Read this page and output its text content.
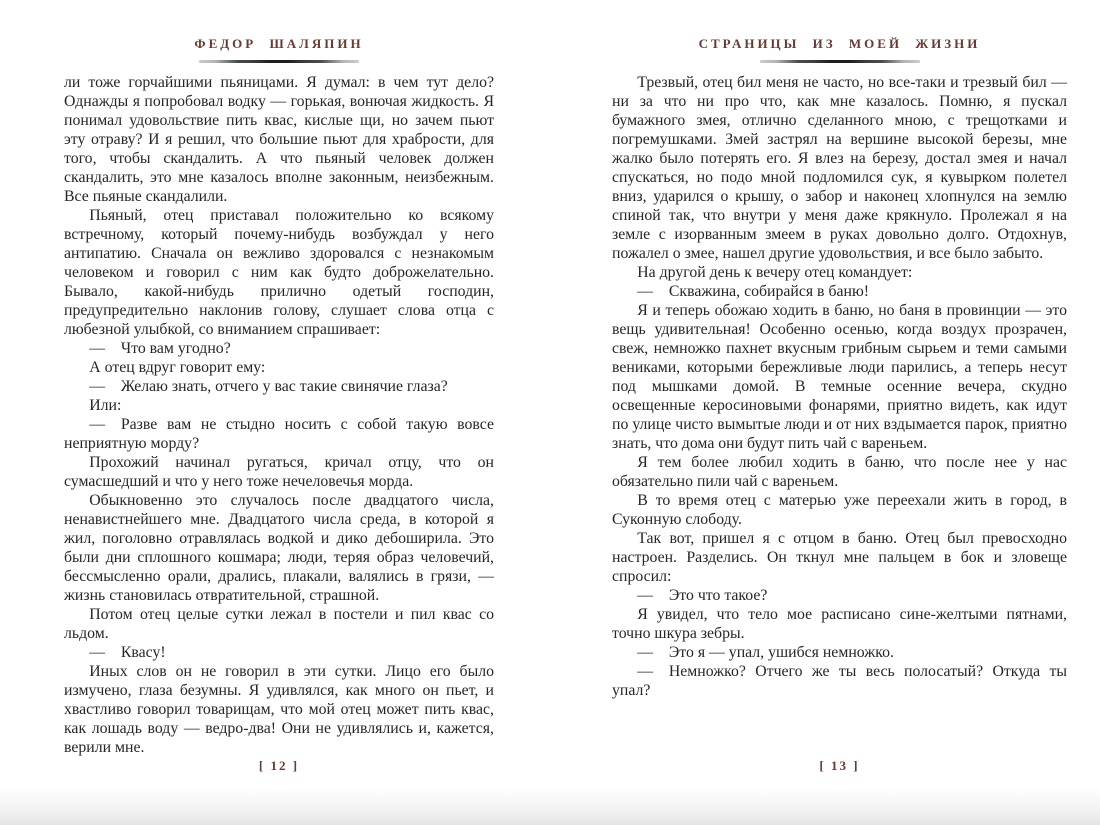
ФЕДОР ШАЛЯПИН

ли тоже горчайшими пьяницами. Я думал: в чем тут дело? Однажды я попробовал водку — горькая, вонючая жидкость. Я понимал удовольствие пить квас, кислые щи, но зачем пьют эту отраву? И я решил, что большие пьют для храбрости, для того, чтобы скандалить. А что пьяный человек должен скандалить, это мне казалось вполне законным, неизбежным. Все пьяные скандалили.

Пьяный, отец приставал положительно ко всякому встречному, который почему-нибудь возбуждал у него антипатию. Сначала он вежливо здоровался с незнакомым человеком и говорил с ним как будто доброжелательно. Бывало, какой-нибудь прилично одетый господин, предупредительно наклонив голову, слушает слова отца с любезной улыбкой, со вниманием спрашивает:

— Что вам угодно?

А отец вдруг говорит ему:

— Желаю знать, отчего у вас такие свинячие глаза?

Или:

— Разве вам не стыдно носить с собой такую вовсе неприятную морду?

Прохожий начинал ругаться, кричал отцу, что он сумасшедший и что у него тоже нечеловечья морда.

Обыкновенно это случалось после двадцатого числа, ненавистнейшего мне. Двадцатого числа среда, в которой я жил, поголовно отравлялась водкой и дико дебоширила. Это были дни сплошного кошмара; люди, теряя образ человечий, бессмысленно орали, дрались, плакали, валялись в грязи, — жизнь становилась отвратительной, страшной.

Потом отец целые сутки лежал в постели и пил квас со льдом.

— Квасу!

Иных слов он не говорил в эти сутки. Лицо его было измучено, глаза безумны. Я удивлялся, как много он пьет, и хвастливо говорил товарищам, что мой отец может пить квас, как лошадь воду — ведро-два! Они не удивлялись и, кажется, верили мне.

[ 12 ]
СТРАНИЦЫ ИЗ МОЕЙ ЖИЗНИ

Трезвый, отец бил меня не часто, но все-таки и трезвый бил — ни за что ни про что, как мне казалось. Помню, я пускал бумажного змея, отлично сделанного мною, с трещотками и погремушками. Змей застрял на вершине высокой березы, мне жалко было потерять его. Я влез на березу, достал змея и начал спускаться, но подо мной подломился сук, я кувырком полетел вниз, ударился о крышу, о забор и наконец хлопнулся на землю спиной так, что внутри у меня даже крякнуло. Пролежал я на земле с изорванным змеем в руках довольно долго. Отдохнув, пожалел о змее, нашел другие удовольствия, и все было забыто.

На другой день к вечеру отец командует:

— Скважина, собирайся в баню!

Я и теперь обожаю ходить в баню, но баня в провинции — это вещь удивительная! Особенно осенью, когда воздух прозрачен, свеж, немножко пахнет вкусным грибным сырьем и теми самыми вениками, которыми бережливые люди парились, а теперь несут под мышками домой. В темные осенние вечера, скудно освещенные керосиновыми фонарями, приятно видеть, как идут по улице чисто вымытые люди и от них вздымается парок, приятно знать, что дома они будут пить чай с вареньем.

Я тем более любил ходить в баню, что после нее у нас обязательно пили чай с вареньем.

В то время отец с матерью уже переехали жить в город, в Суконную слободу.

Так вот, пришел я с отцом в баню. Отец был превосходно настроен. Разделись. Он ткнул мне пальцем в бок и зловеще спросил:

— Это что такое?

Я увидел, что тело мое расписано сине-желтыми пятнами, точно шкура зебры.

— Это я — упал, ушибся немножко.

— Немножко? Отчего же ты весь полосатый? Откуда ты упал?

[ 13 ]
